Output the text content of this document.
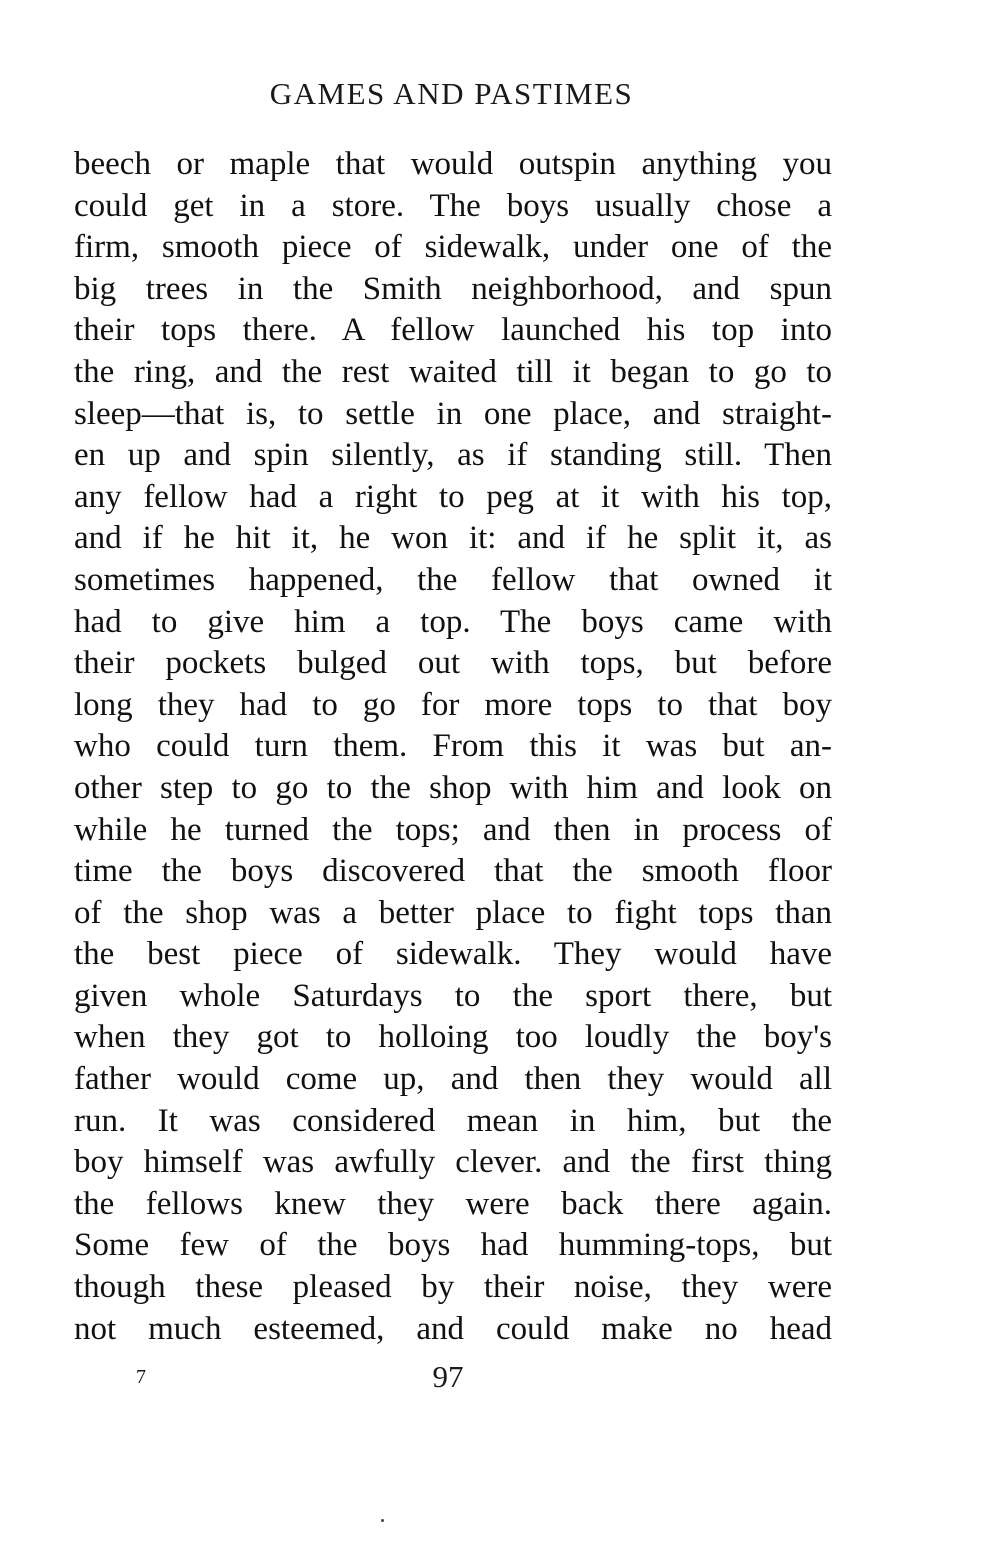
GAMES AND PASTIMES
beech or maple that would outspin anything you
could get in a store. The boys usually chose a
firm, smooth piece of sidewalk, under one of the
big trees in the Smith neighborhood, and spun
their tops there. A fellow launched his top into
the ring, and the rest waited till it began to go to
sleep—that is, to settle in one place, and straight-
en up and spin silently, as if standing still. Then
any fellow had a right to peg at it with his top,
and if he hit it, he won it: and if he split it, as
sometimes happened, the fellow that owned it
had to give him a top. The boys came with
their pockets bulged out with tops, but before
long they had to go for more tops to that boy
who could turn them. From this it was but an-
other step to go to the shop with him and look on
while he turned the tops; and then in process of
time the boys discovered that the smooth floor
of the shop was a better place to fight tops than
the best piece of sidewalk. They would have
given whole Saturdays to the sport there, but
when they got to holloing too loudly the boy's
father would come up, and then they would all
run. It was considered mean in him, but the
boy himself was awfully clever. and the first thing
the fellows knew they were back there again.
Some few of the boys had humming-tops, but
though these pleased by their noise, they were
not much esteemed, and could make no head
7	97
